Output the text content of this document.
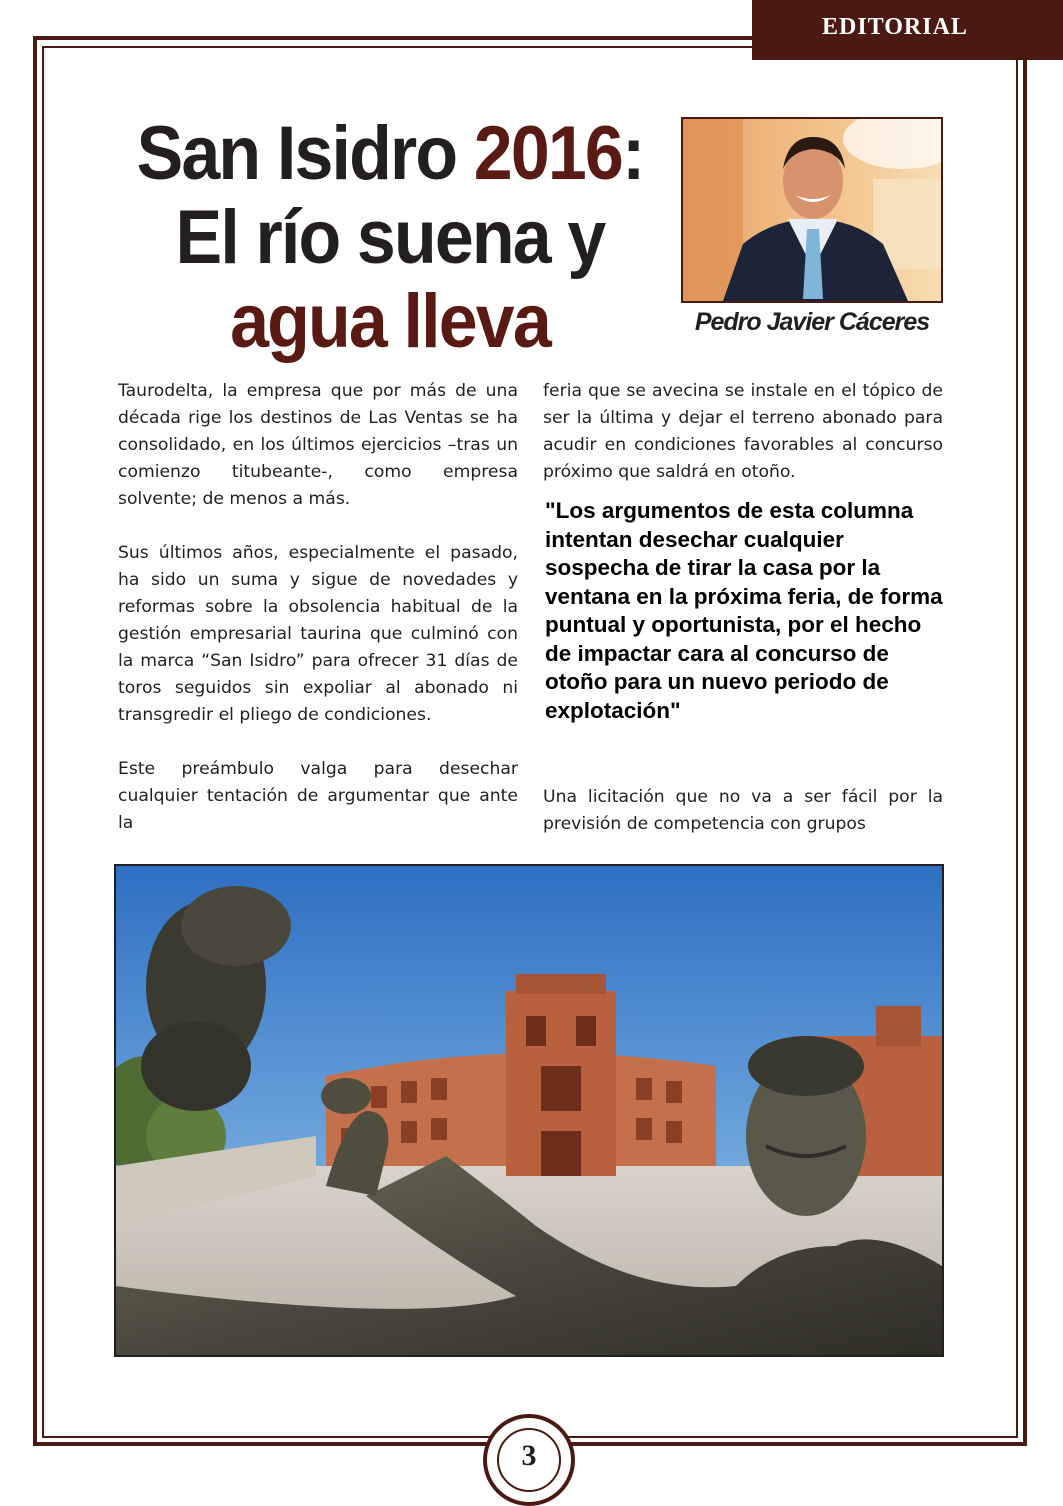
EDITORIAL
San Isidro 2016:
El río suena y
agua lleva	Pedro Javier Cáceres

Taurodelta, la empresa que por más de una década rige los destinos de Las Ventas se ha consolidado, en los últimos ejercicios –tras un comienzo titubeante-, como empresa solvente; de menos a más.

Sus últimos años, especialmente el pasado, ha sido un suma y sigue de novedades y reformas sobre la obsolencia habitual de la gestión empresarial taurina que culminó con la marca “San Isidro” para ofrecer 31 días de toros seguidos sin expoliar al abonado ni transgredir el pliego de condiciones.

Este preámbulo valga para desechar cualquier tentación de argumentar que ante la

feria que se avecina se instale en el tópico de ser la última y dejar el terreno abonado para acudir en condiciones favorables al concurso próximo que saldrá en otoño.

"Los argumentos de esta columna intentan desechar cualquier sospecha de tirar la casa por la ventana en la próxima feria, de forma puntual y oportunista, por el hecho de impactar cara al concurso de otoño para un nuevo periodo de explotación"

Una licitación que no va a ser fácil por la previsión de competencia con grupos

3
